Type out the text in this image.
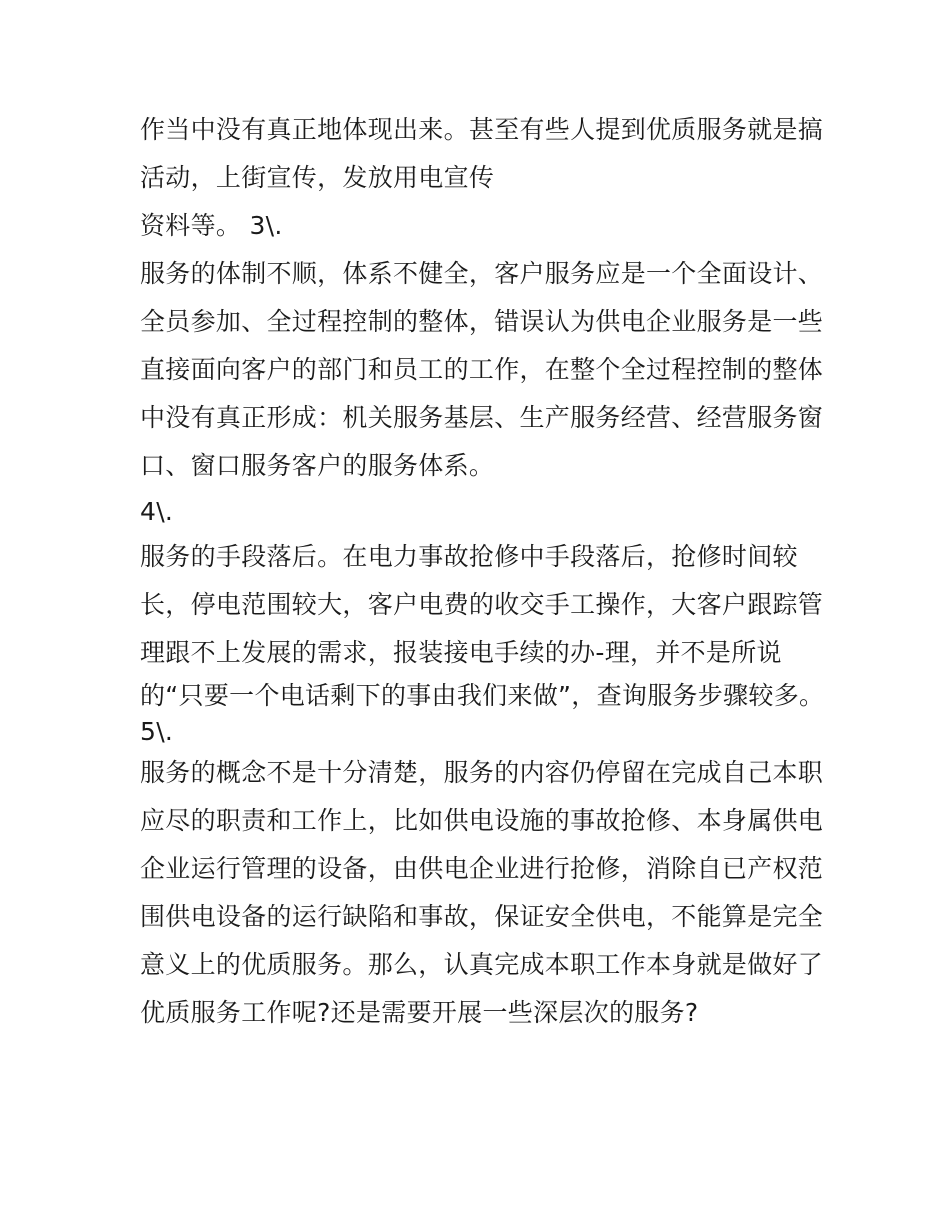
作当中没有真正地体现出来。甚至有些人提到优质服务就是搞
活动，上街宣传，发放用电宣传
资料等。 3\.
服务的体制不顺，体系不健全，客户服务应是一个全面设计、
全员参加、全过程控制的整体，错误认为供电企业服务是一些
直接面向客户的部门和员工的工作，在整个全过程控制的整体
中没有真正形成：机关服务基层、生产服务经营、经营服务窗
口、窗口服务客户的服务体系。
4\.
服务的手段落后。在电力事故抢修中手段落后，抢修时间较
长，停电范围较大，客户电费的收交手工操作，大客户跟踪管
理跟不上发展的需求，报装接电手续的办-理，并不是所说
的“只要一个电话剩下的事由我们来做”，查询服务步骤较多。
5\.
服务的概念不是十分清楚，服务的内容仍停留在完成自己本职
应尽的职责和工作上，比如供电设施的事故抢修、本身属供电
企业运行管理的设备，由供电企业进行抢修，消除自已产权范
围供电设备的运行缺陷和事故，保证安全供电，不能算是完全
意义上的优质服务。那么，认真完成本职工作本身就是做好了
优质服务工作呢?还是需要开展一些深层次的服务?
